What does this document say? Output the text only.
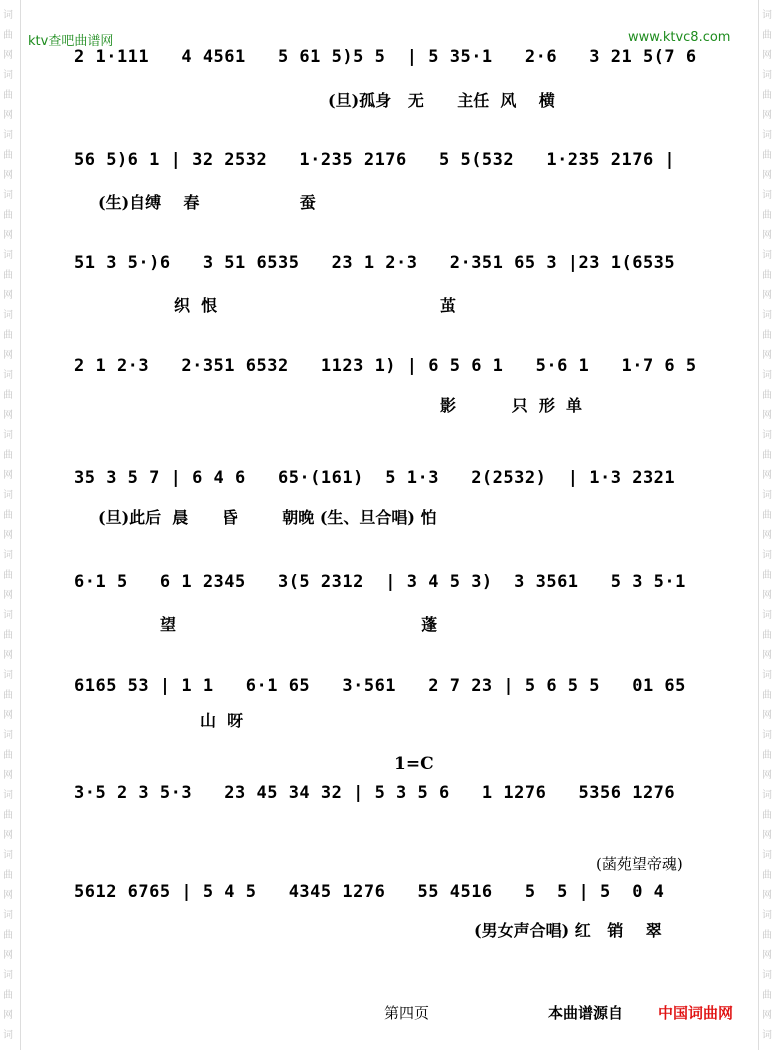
词
曲
网
词
曲
网
词
曲
网
词
曲
网
词
曲
网
词
曲
网
词
曲
网
词
曲
网
词
曲
网
词
曲
网
词
曲
网
词
曲
网
词
曲
网
词
曲
网
词
曲
网
词
曲
网
词
曲
网
词
词
曲
网
词
曲
网
词
曲
网
词
曲
网
词
曲
网
词
曲
网
词
曲
网
词
曲
网
词
曲
网
词
曲
网
词
曲
网
词
曲
网
词
曲
网
词
曲
网
词
曲
网
词
曲
网
词
曲
网
词
ktv查吧曲谱网	www.ktvc8.com
2 1·111   4 4561   5 61 5)5 5  | 5 35·1   2·6   3 21 5(7 6
(旦)孤身   无      主任  风    横
56 5)6 1 | 32 2532   1·235 2176   5 5(532   1·235 2176 |
(生)自缚    春                  蚕
51 3 5·)6   3 51 6535   23 1 2·3   2·351 65 3 |23 1(6535
织  恨                                        茧
2 1 2·3   2·351 6532   1123 1) | 6 5 6 1   5·6 1   1·7 6 5
影          只  形  单
35 3 5 7 | 6 4 6   65·(161)  5 1·3   2(2532)  | 1·3 2321
(旦)此后  晨      昏        朝晚 (生、旦合唱) 怕
6·1 5   6 1 2345   3(5 2312  | 3 4 5 3)  3 3561   5 3 5·1
望                                            蓬
6165 53 | 1 1   6·1 65   3·561   2 7 23 | 5 6 5 5   01 65
山  呀
1=C
3·5 2 3 5·3   23 45 34 32 | 5 3 5 6   1 1276   5356 1276
(菡苑望帝魂)
5612 6765 | 5 4 5   4345 1276   55 4516   5  5 | 5  0 4
(男女声合唱) 红   销    翠
第四页	本曲谱源自 中国词曲网
